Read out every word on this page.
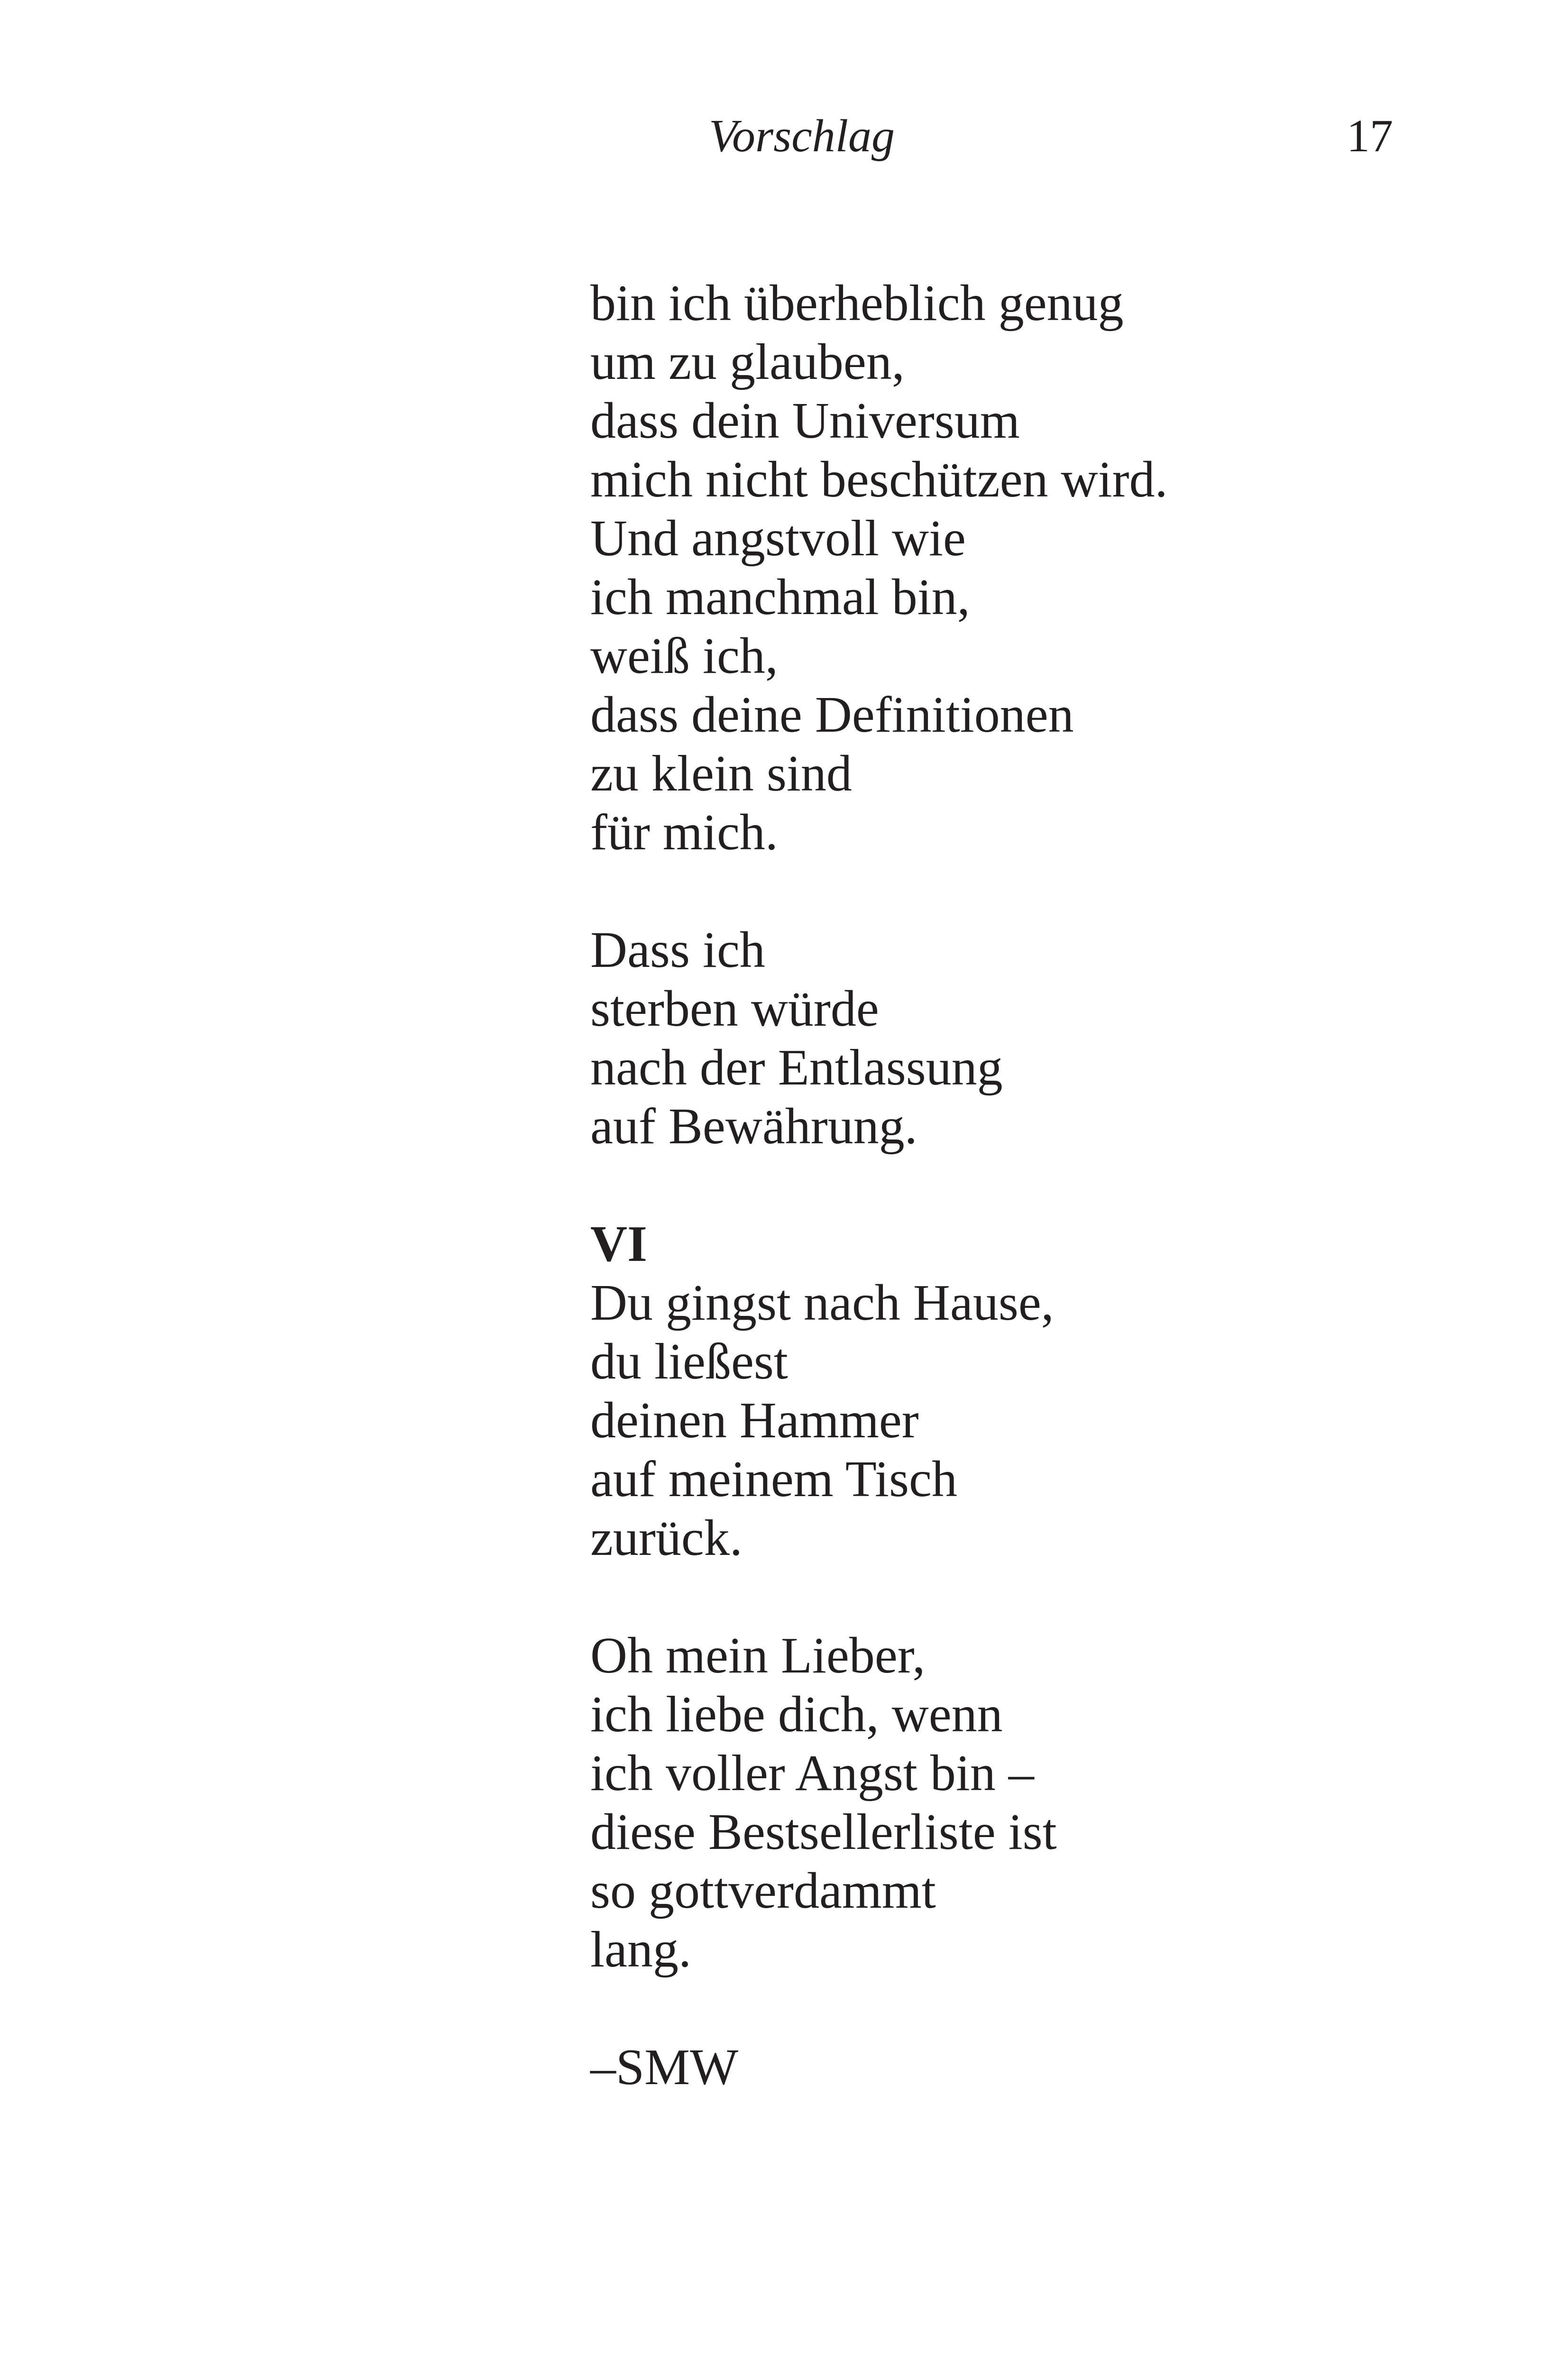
Vorschlag	17
bin ich überheblich genug
um zu glauben,
dass dein Universum
mich nicht beschützen wird.
Und angstvoll wie
ich manchmal bin,
weiß ich,
dass deine Definitionen
zu klein sind
für mich.
Dass ich
sterben würde
nach der Entlassung
auf Bewährung.
VI
Du gingst nach Hause,
du ließest
deinen Hammer
auf meinem Tisch
zurück.
Oh mein Lieber,
ich liebe dich, wenn
ich voller Angst bin –
diese Bestsellerliste ist
so gottverdammt
lang.
–SMW
